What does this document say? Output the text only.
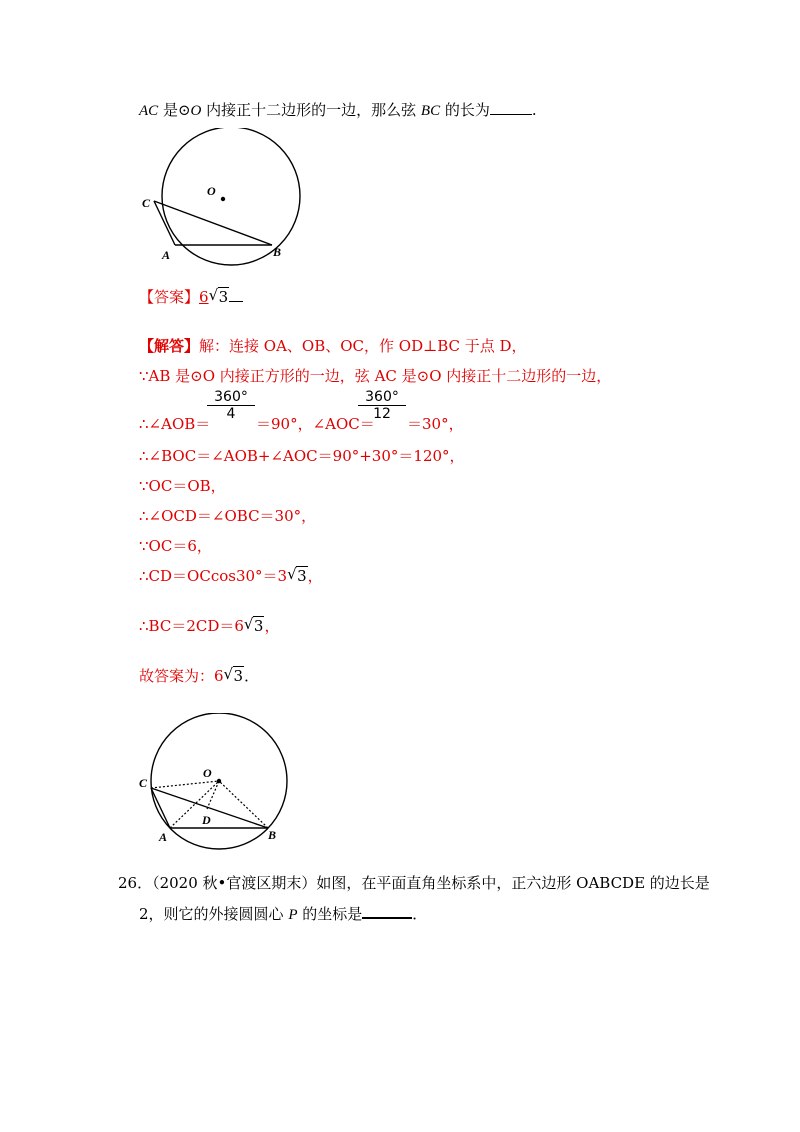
AC 是⊙O 内接正十二边形的一边，那么弦 BC 的长为	.
O
C
A	B
【答案】6 √ 3
【解答】解：连接 OA、OB、OC，作 OD⊥BC 于点 D，
∵AB 是⊙O 内接正方形的一边，弦 AC 是⊙O 内接正十二边形的一边，
∴∠AOB＝
$\frac{360^\circ}{4}$
＝90°，∠AOC＝
$\frac{360^\circ}{12}$
＝30°，
∴∠BOC＝∠AOB+∠AOC＝90°+30°＝120°，
∵OC＝OB，
∴∠OCD＝∠OBC＝30°，
∵OC＝6，
∴CD＝OCcos30°＝3 √ 3，
∴BC＝2CD＝6 √ 3，
故答案为：6 √ 3．
O
C
A	B
D
26．（2020 秋•官渡区期末）如图，在平面直角坐标系中，正六边形 OABCDE 的边长是
2，则它的外接圆圆心 P 的坐标是	．
